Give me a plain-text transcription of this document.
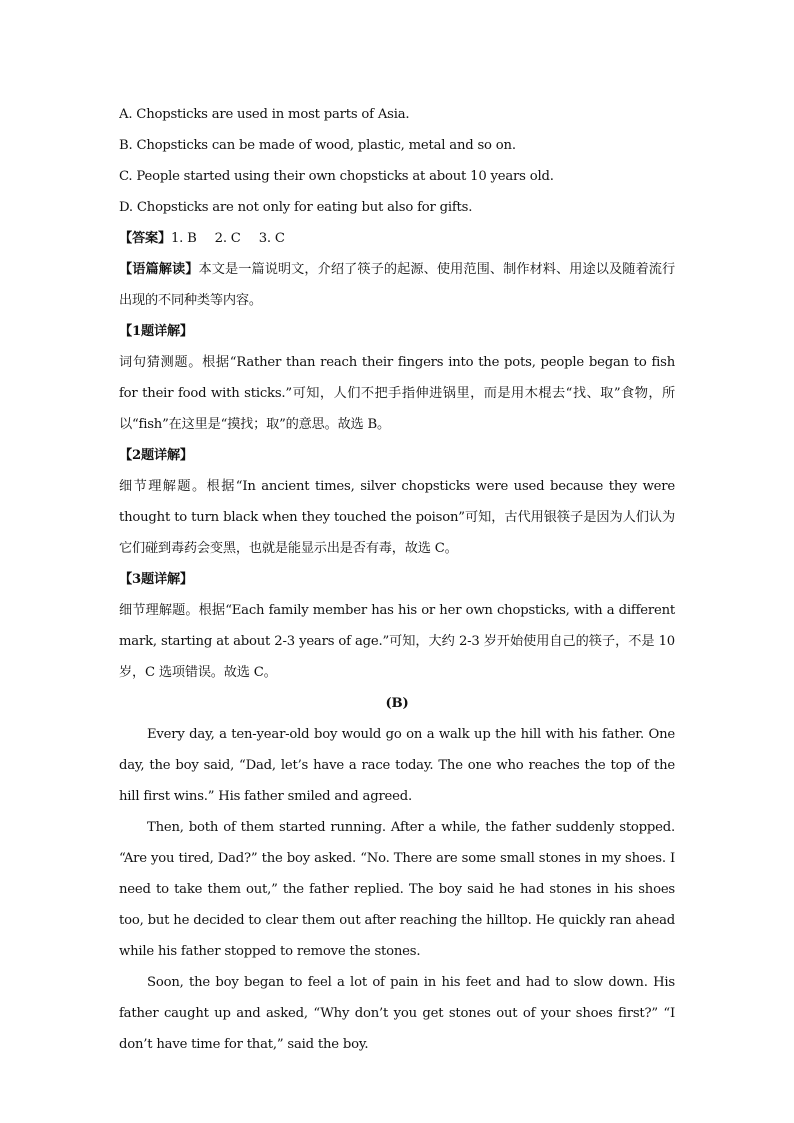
A. Chopsticks are used in most parts of Asia.
B. Chopsticks can be made of wood, plastic, metal and so on.
C. People started using their own chopsticks at about 10 years old.
D. Chopsticks are not only for eating but also for gifts.
【答案】1. B 2. C 3. C
【语篇解读】本文是一篇说明文，介绍了筷子的起源、使用范围、制作材料、用途以及随着流行出现的不同种类等内容。
【1题详解】
词句猜测题。根据“Rather than reach their fingers into the pots, people began to fish for their food with sticks.”可知，人们不把手指伸进锅里，而是用木棍去“找、取”食物，所以“fish”在这里是“摸找；取”的意思。故选 B。
【2题详解】
细节理解题。根据“In ancient times, silver chopsticks were used because they were thought to turn black when they touched the poison”可知，古代用银筷子是因为人们认为它们碰到毒药会变黑，也就是能显示出是否有毒，故选 C。
【3题详解】
细节理解题。根据“Each family member has his or her own chopsticks, with a different mark, starting at about 2-3 years of age.”可知，大约 2-3 岁开始使用自己的筷子，不是 10 岁，C 选项错误。故选 C。
(B)
Every day, a ten-year-old boy would go on a walk up the hill with his father. One day, the boy said, “Dad, let’s have a race today. The one who reaches the top of the hill first wins.” His father smiled and agreed.
Then, both of them started running. After a while, the father suddenly stopped. “Are you tired, Dad?” the boy asked. “No. There are some small stones in my shoes. I need to take them out,” the father replied. The boy said he had stones in his shoes too, but he decided to clear them out after reaching the hilltop. He quickly ran ahead while his father stopped to remove the stones.
Soon, the boy began to feel a lot of pain in his feet and had to slow down. His father caught up and asked, “Why don’t you get stones out of your shoes first?” “I don’t have time for that,” said the boy.
